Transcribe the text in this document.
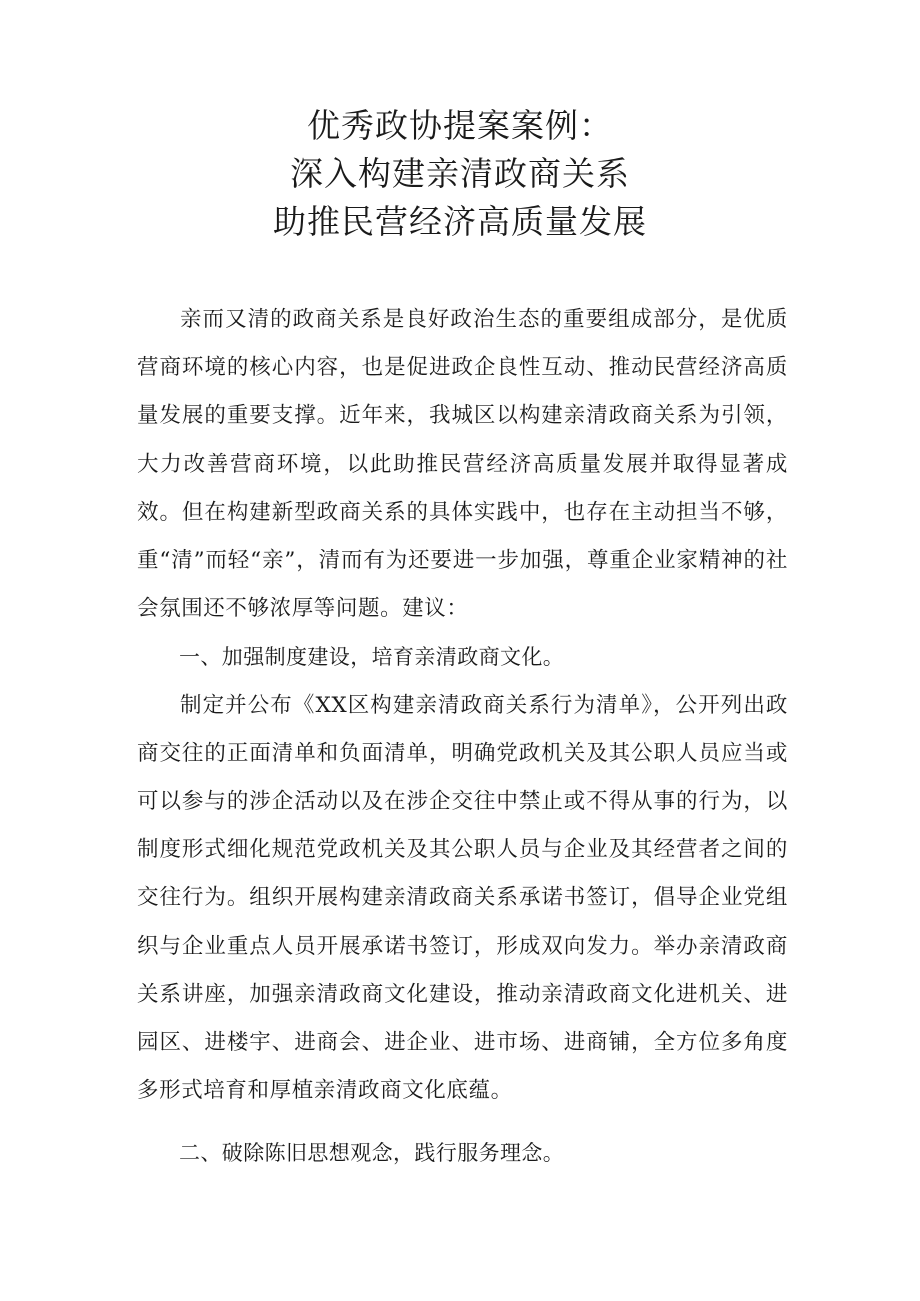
优秀政协提案案例：
深入构建亲清政商关系
助推民营经济高质量发展

亲而又清的政商关系是良好政治生态的重要组成部分，是优质营商环境的核心内容，也是促进政企良性互动、推动民营经济高质量发展的重要支撑。近年来，我城区以构建亲清政商关系为引领，大力改善营商环境，以此助推民营经济高质量发展并取得显著成效。但在构建新型政商关系的具体实践中，也存在主动担当不够，重“清”而轻“亲”，清而有为还要进一步加强，尊重企业家精神的社会氛围还不够浓厚等问题。建议：

一、加强制度建设，培育亲清政商文化。

制定并公布《XX区构建亲清政商关系行为清单》，公开列出政商交往的正面清单和负面清单，明确党政机关及其公职人员应当或可以参与的涉企活动以及在涉企交往中禁止或不得从事的行为，以制度形式细化规范党政机关及其公职人员与企业及其经营者之间的交往行为。组织开展构建亲清政商关系承诺书签订，倡导企业党组织与企业重点人员开展承诺书签订，形成双向发力。举办亲清政商关系讲座，加强亲清政商文化建设，推动亲清政商文化进机关、进园区、进楼宇、进商会、进企业、进市场、进商铺，全方位多角度多形式培育和厚植亲清政商文化底蕴。

二、破除陈旧思想观念，践行服务理念。
